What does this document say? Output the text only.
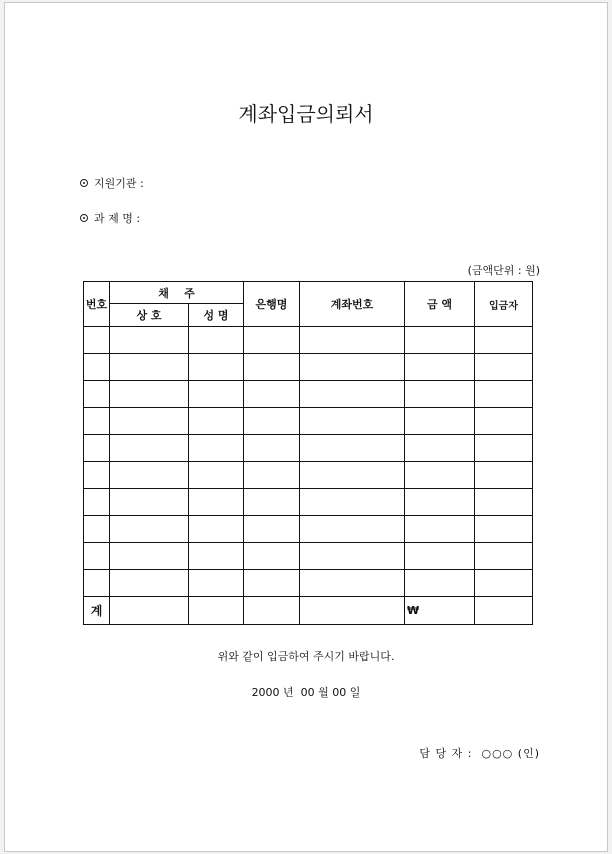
계좌입금의뢰서
지원기관 :
과 제 명 :
(금액단위 : 원)
번호	채    주		은행명	계좌번호	금 액	입금자
	상 호	성 명				

계					₩	
위와 같이 입금하여 주시기 바랍니다.
2000 년  00 월 00 일
담 당 자 :  ○○○ (인)
